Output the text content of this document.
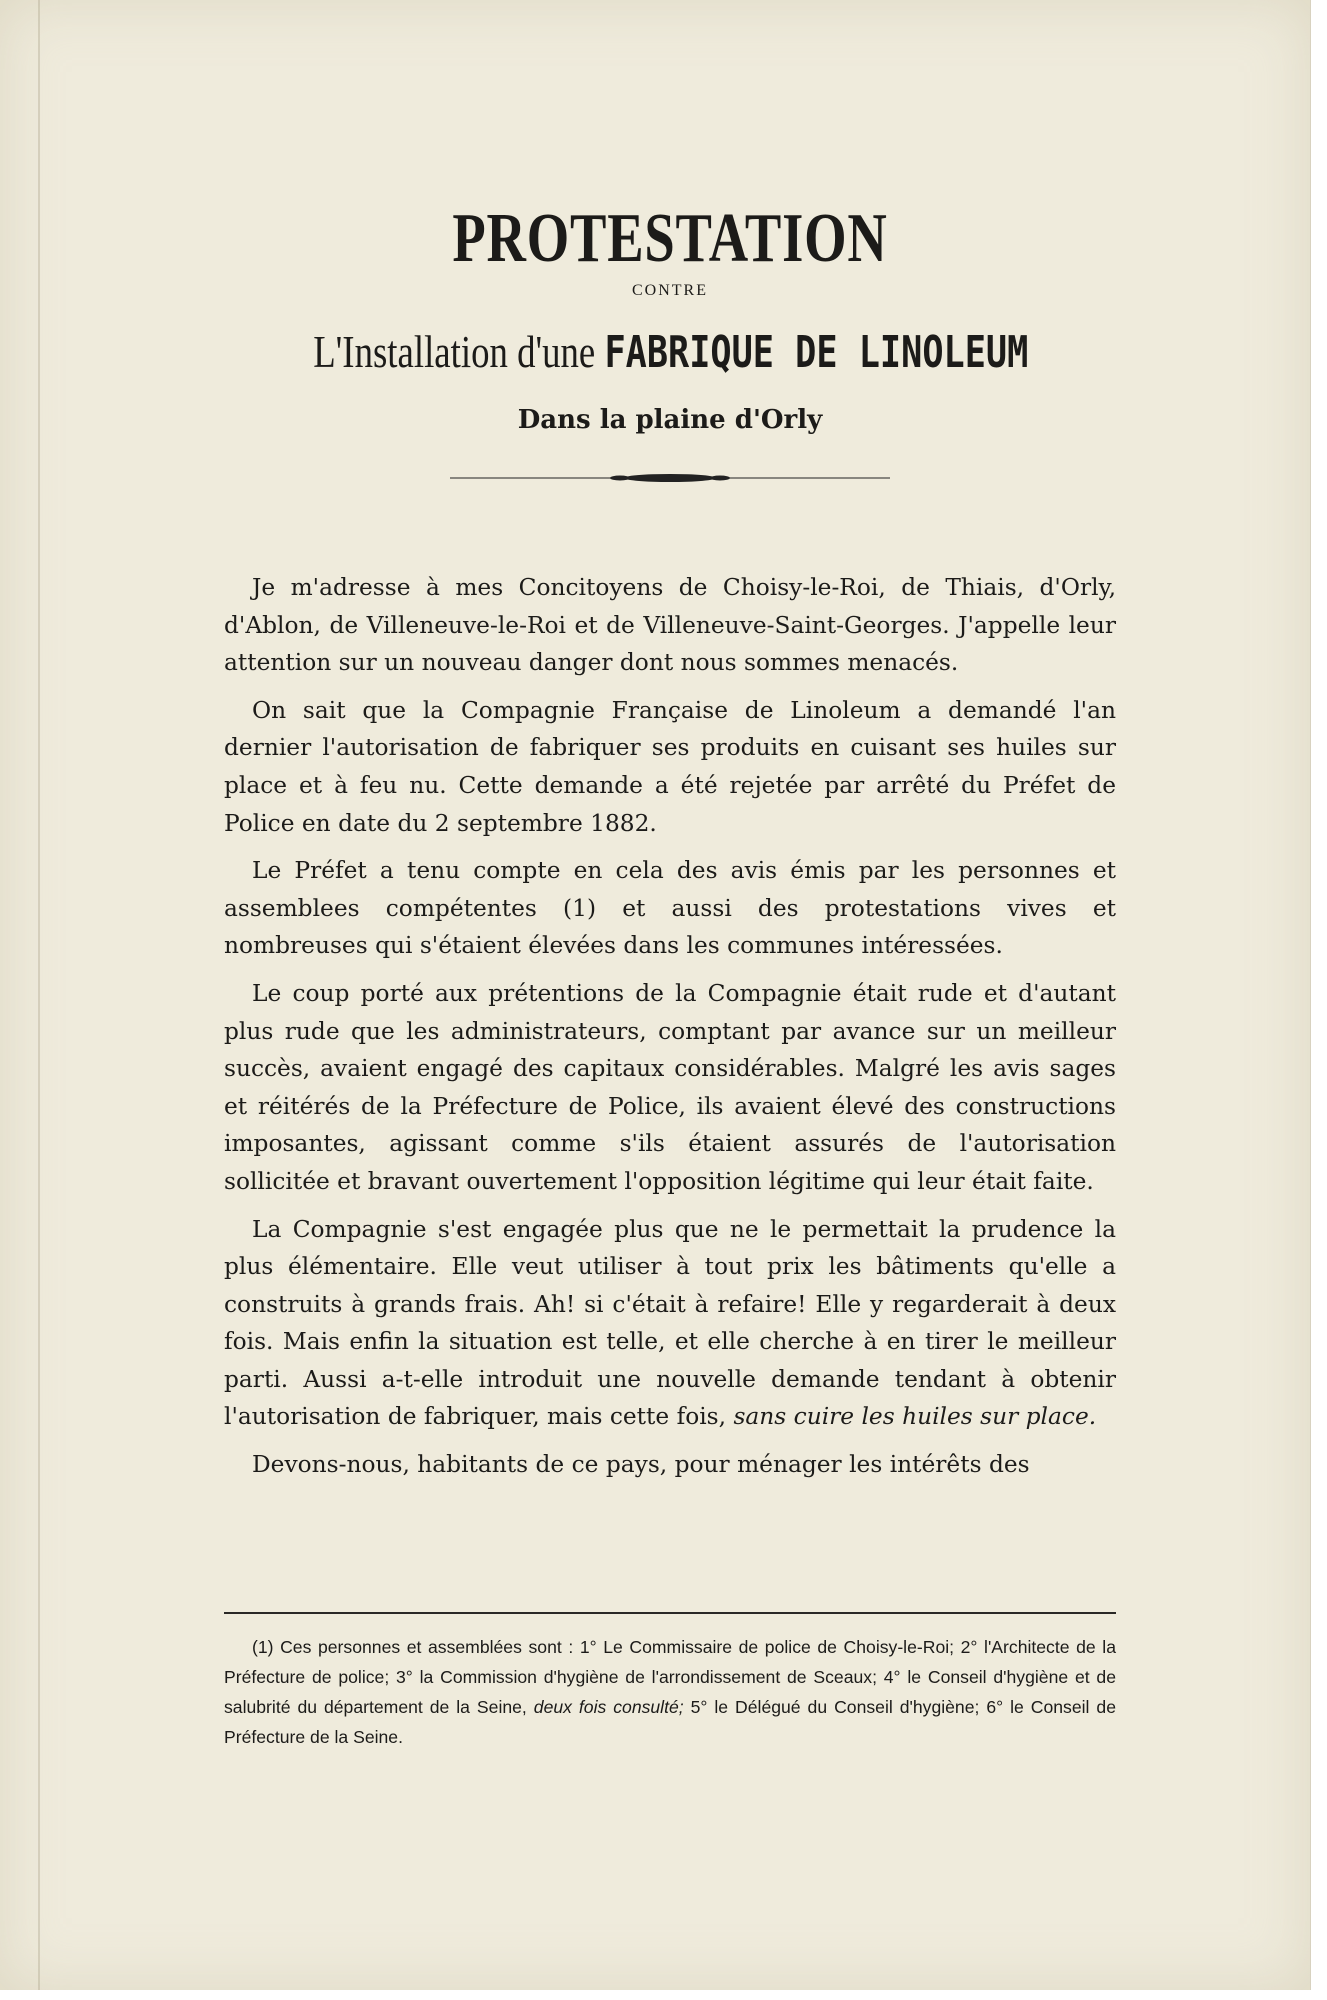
PROTESTATION
CONTRE
L'Installation d'une FABRIQUE DE LINOLEUM
Dans la plaine d'Orly

Je m'adresse à mes Concitoyens de Choisy-le-Roi, de Thiais, d'Orly, d'Ablon, de Villeneuve-le-Roi et de Villeneuve-Saint-Georges. J'appelle leur attention sur un nouveau danger dont nous sommes menacés.

On sait que la Compagnie Française de Linoleum a demandé l'an dernier l'autorisation de fabriquer ses produits en cuisant ses huiles sur place et à feu nu. Cette demande a été rejetée par arrêté du Préfet de Police en date du 2 septembre 1882.

Le Préfet a tenu compte en cela des avis émis par les personnes et assemblees compétentes (1) et aussi des protestations vives et nombreuses qui s'étaient élevées dans les communes intéressées.

Le coup porté aux prétentions de la Compagnie était rude et d'autant plus rude que les administrateurs, comptant par avance sur un meilleur succès, avaient engagé des capitaux considérables. Malgré les avis sages et réitérés de la Préfecture de Police, ils avaient élevé des constructions imposantes, agissant comme s'ils étaient assurés de l'autorisation sollicitée et bravant ouvertement l'opposition légitime qui leur était faite.

La Compagnie s'est engagée plus que ne le permettait la prudence la plus élémentaire. Elle veut utiliser à tout prix les bâtiments qu'elle a construits à grands frais. Ah! si c'était à refaire! Elle y regarderait à deux fois. Mais enfin la situation est telle, et elle cherche à en tirer le meilleur parti. Aussi a-t-elle introduit une nouvelle demande tendant à obtenir l'autorisation de fabriquer, mais cette fois, sans cuire les huiles sur place.

Devons-nous, habitants de ce pays, pour ménager les intérêts des

(1) Ces personnes et assemblées sont : 1° Le Commissaire de police de Choisy-le-Roi; 2° l'Architecte de la Préfecture de police; 3° la Commission d'hygiène de l'arrondissement de Sceaux; 4° le Conseil d'hygiène et de salubrité du département de la Seine, deux fois consulté; 5° le Délégué du Conseil d'hygiène; 6° le Conseil de Préfecture de la Seine.
